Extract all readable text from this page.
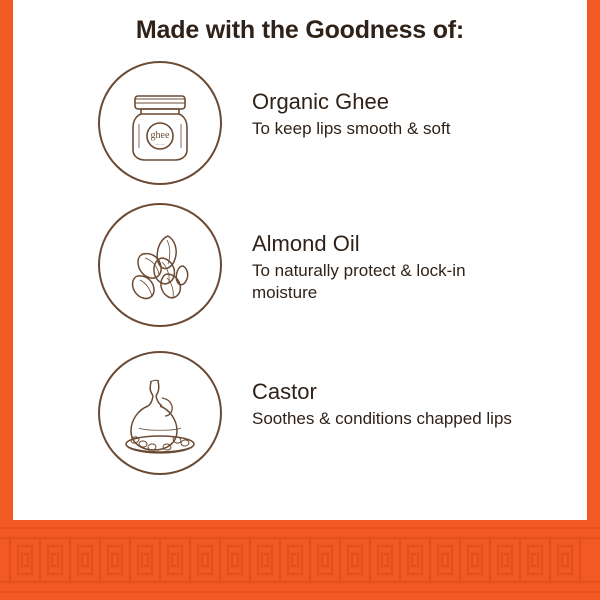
Made with the Goodness of:
ghee
— —
Organic Ghee
To keep lips smooth & soft
Almond Oil
To naturally protect & lock-in moisture
Castor
Soothes & conditions chapped lips
